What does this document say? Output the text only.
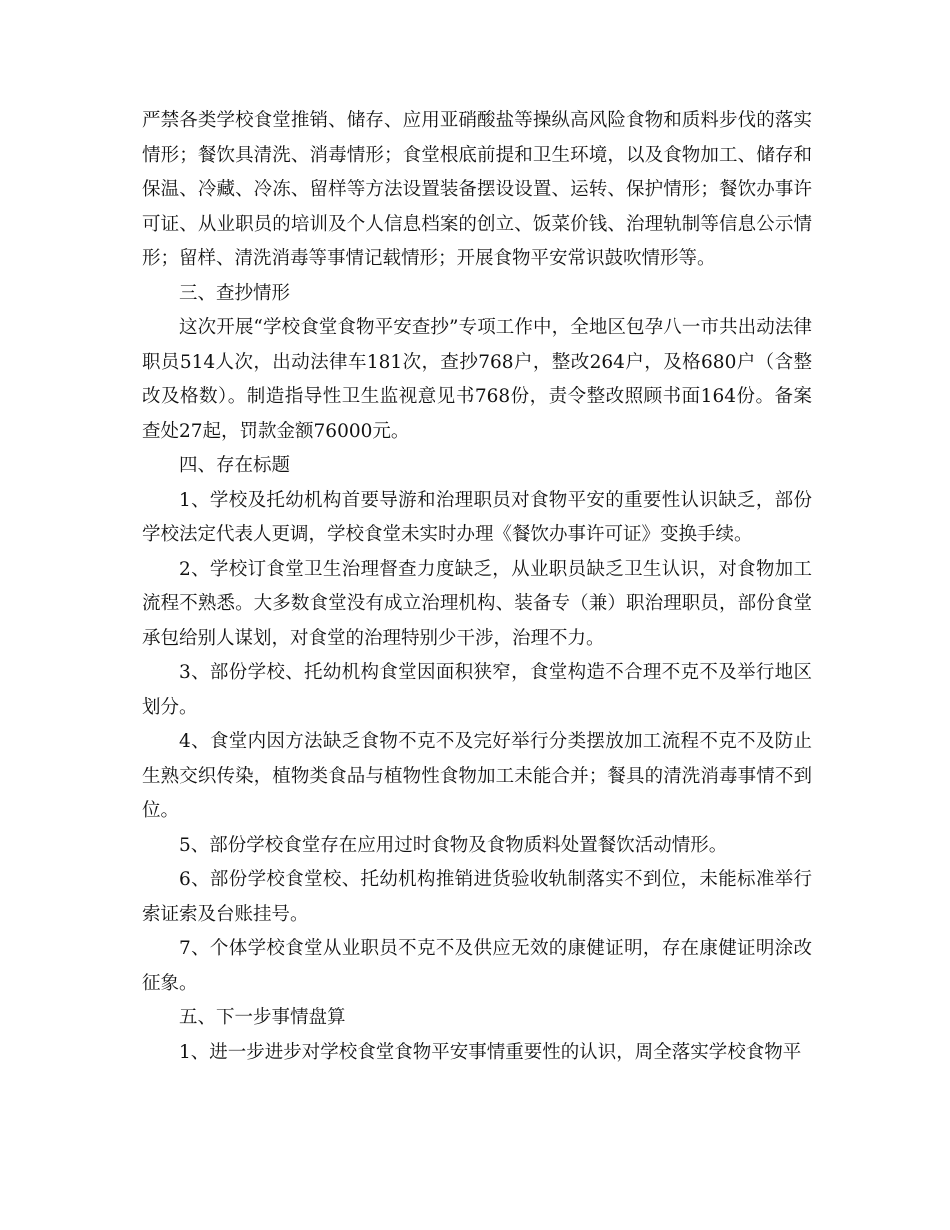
严禁各类学校食堂推销、储存、应用亚硝酸盐等操纵高风险食物和质料步伐的落实情形；餐饮具清洗、消毒情形；食堂根底前提和卫生环境，以及食物加工、储存和保温、冷藏、冷冻、留样等方法设置装备摆设设置、运转、保护情形；餐饮办事许可证、从业职员的培训及个人信息档案的创立、饭菜价钱、治理轨制等信息公示情形；留样、清洗消毒等事情记载情形；开展食物平安常识鼓吹情形等。

三、查抄情形

这次开展“学校食堂食物平安查抄”专项工作中，全地区包孕八一市共出动法律职员514人次，出动法律车181次，查抄768户，整改264户，及格680户（含整改及格数）。制造指导性卫生监视意见书768份，责令整改照顾书面164份。备案查处27起，罚款金额76000元。

四、存在标题

1、学校及托幼机构首要导游和治理职员对食物平安的重要性认识缺乏，部份学校法定代表人更调，学校食堂未实时办理《餐饮办事许可证》变换手续。

2、学校订食堂卫生治理督查力度缺乏，从业职员缺乏卫生认识，对食物加工流程不熟悉。大多数食堂没有成立治理机构、装备专（兼）职治理职员，部份食堂承包给别人谋划，对食堂的治理特别少干涉，治理不力。

3、部份学校、托幼机构食堂因面积狭窄，食堂构造不合理不克不及举行地区划分。

4、食堂内因方法缺乏食物不克不及完好举行分类摆放加工流程不克不及防止生熟交织传染，植物类食品与植物性食物加工未能合并；餐具的清洗消毒事情不到位。

5、部份学校食堂存在应用过时食物及食物质料处置餐饮活动情形。

6、部份学校食堂校、托幼机构推销进货验收轨制落实不到位，未能标准举行索证索及台账挂号。

7、个体学校食堂从业职员不克不及供应无效的康健证明，存在康健证明涂改征象。

五、下一步事情盘算

1、进一步进步对学校食堂食物平安事情重要性的认识，周全落实学校食物平
